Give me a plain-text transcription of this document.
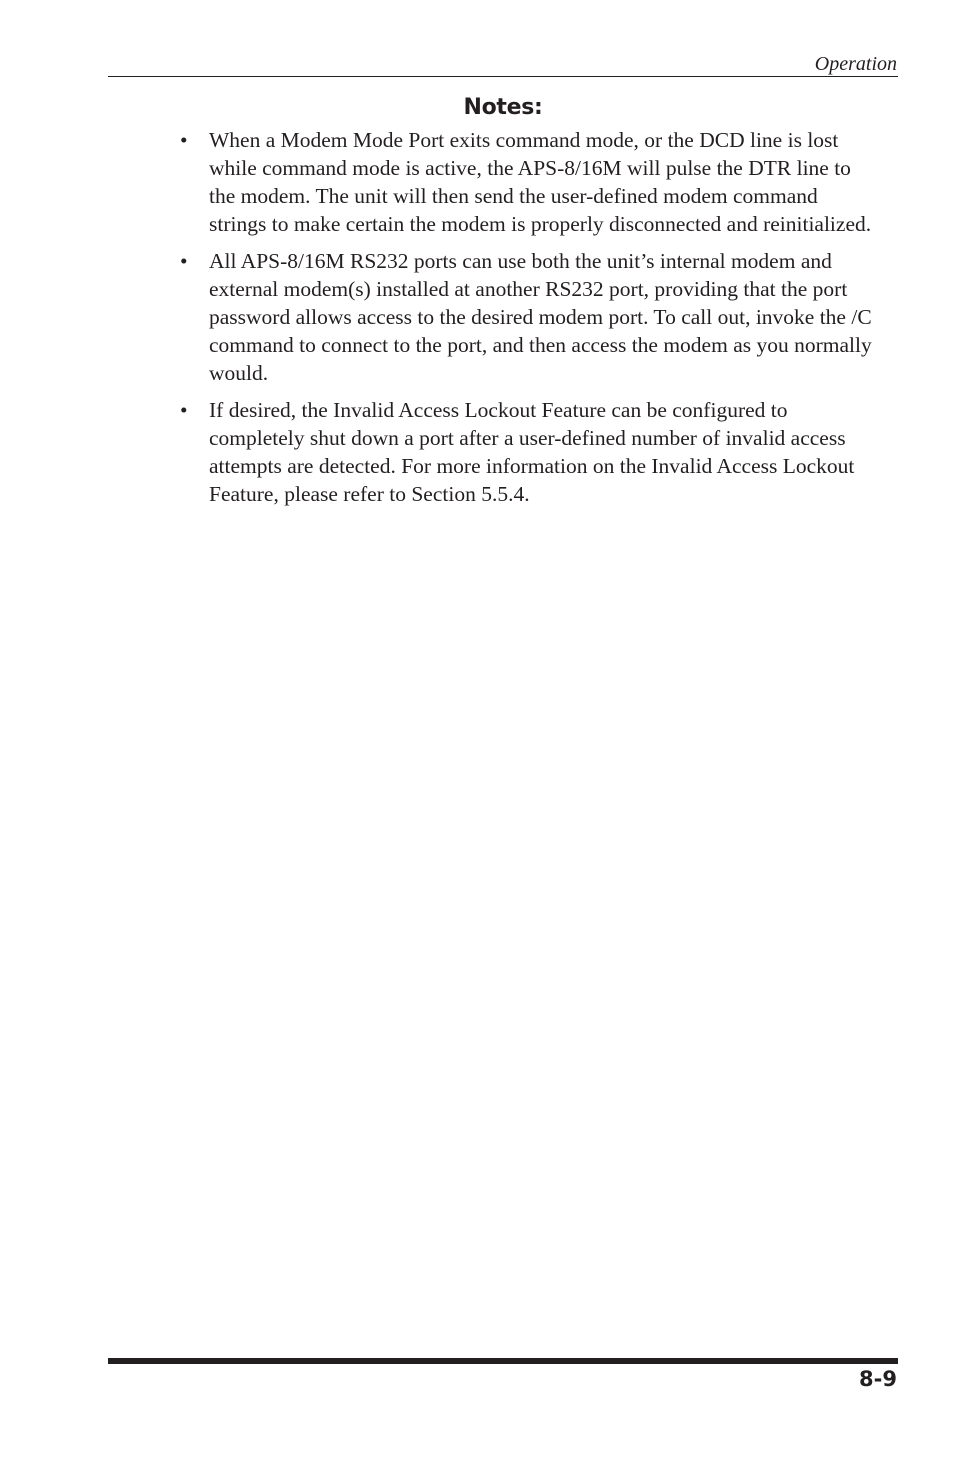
Operation
Notes:
• When a Modem Mode Port exits command mode, or the DCD line is lost while command mode is active, the APS-8/16M will pulse the DTR line to the modem. The unit will then send the user-defined modem command strings to make certain the modem is properly disconnected and reinitialized.
• All APS-8/16M RS232 ports can use both the unit’s internal modem and external modem(s) installed at another RS232 port, providing that the port password allows access to the desired modem port. To call out, invoke the /C command to connect to the port, and then access the modem as you normally would.
• If desired, the Invalid Access Lockout Feature can be configured to completely shut down a port after a user-defined number of invalid access attempts are detected. For more information on the Invalid Access Lockout Feature, please refer to Section 5.5.4.
8-9
